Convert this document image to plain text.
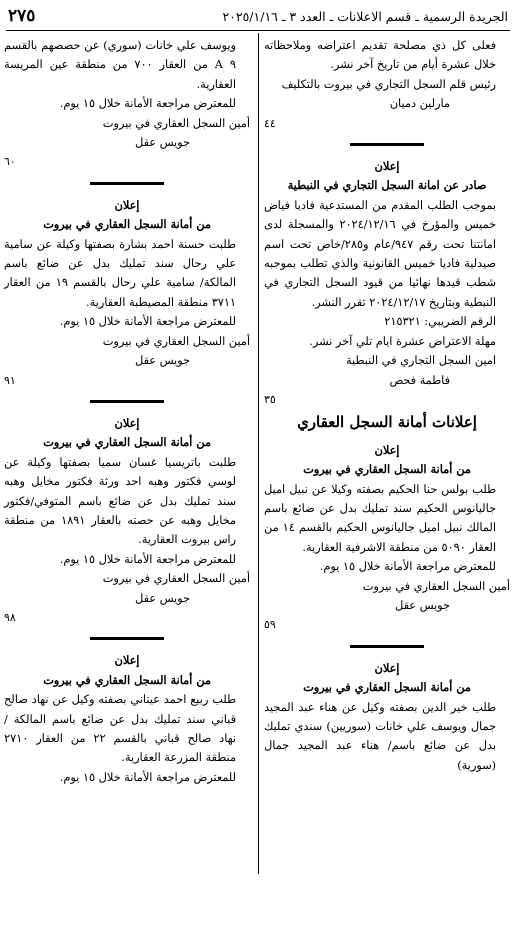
الجريدة الرسمية ـ قسم الاعلانات ـ العدد ٣ ـ ٢٠٢٥/١/١٦
٢٧٥

فعلى كل ذي مصلحة تقديم اعتراضه وملاحظاته خلال عشرة أيام من تاريخ آخر نشر.

رئيس قلم السجل التجاري في بيروت بالتكليف

مارلين دميان

٤٤

إعلان

صادر عن امانة السجل التجاري في النبطية

بموجب الطلب المقدم من المستدعية فاديا فياض خميس والمؤرخ في ٢٠٢٤/١٢/١٦ والمسجلة لدى امانتنا تحت رقم ٩٤٧/عام و٢٨٥/خاص تحت اسم صيدلية فاديا خميس القانونية والذي تطلب بموجبه شطب قيدها نهائيا من قيود السجل التجاري في النبطية وبتاريخ ٢٠٢٤/١٢/١٧ تقرر النشر.

الرقم الضريبي: ٢١٥٣٢١

مهلة الاعتراض عشرة ايام تلي آخر نشر.

امين السجل التجاري في النبطية

فاطمة فحص

٣٥

إعلانات أمانة السجل العقاري

إعلان

من أمانة السجل العقاري في بيروت

طلب بولس حنا الحكيم بصفته وكيلا عن نبيل اميل جاليانوس الحكيم سند تمليك بدل عن ضائع باسم المالك نبيل اميل جاليانوس الحكيم بالقسم ١٤ من العقار ٥٠٩٠ من منطقة الاشرفية العقارية.

للمعترض مراجعة الأمانة خلال ١٥ يوم.

أمين السجل العقاري في بيروت

جويس عقل

٥٩

إعلان

من أمانة السجل العقاري في بيروت

طلب خير الدين بصفته وكيل عن هناء عبد المجيد جمال ويوسف علي خانات (سوريين) سندي تمليك بدل عن ضائع باسم/ هناء عبد المجيد جمال (سورية)

ويوسف علي خانات (سوري) عن حصصهم بالقسم ٩ A من العقار ٧٠٠ من منطقة عين المريسة العقارية.

للمعترض مراجعة الأمانة خلال ١٥ يوم.

أمين السجل العقاري في بيروت

جويس عقل

٦٠

إعلان

من أمانة السجل العقاري في بيروت

طلبت حسنة احمد بشارة بصفتها وكيلة عن سامية علي رحال سند تمليك بدل عن ضائع باسم المالكة/ سامية علي رحال بالقسم ١٩ من العقار ٣٧١١ منطقة المصيطبة العقارية.

للمعترض مراجعة الأمانة خلال ١٥ يوم.

أمين السجل العقاري في بيروت

جويس عقل

٩١

إعلان

من أمانة السجل العقاري في بيروت

طلبت باتريسيا غسان سميا بصفتها وكيلة عن لوسي فكتور وهبه احد ورثة فكتور مخايل وهبه سند تمليك بدل عن ضائع باسم المتوفي/فكتور مخايل وهبه عن حصته بالعقار ١٨٩١ من منطقة راس بيروت العقارية.

للمعترض مراجعة الأمانة خلال ١٥ يوم.

أمين السجل العقاري في بيروت

جويس عقل

٩٨

إعلان

من أمانة السجل العقاري في بيروت

طلب ربيع احمد عيتاني بصفته وكيل عن نهاد صالح قباني سند تمليك بدل عن ضائع باسم المالكة / نهاد صالح قباني بالقسم ٢٢ من العقار ٢٧١٠ منطقة المزرعة العقارية.

للمعترض مراجعة الأمانة خلال ١٥ يوم.
